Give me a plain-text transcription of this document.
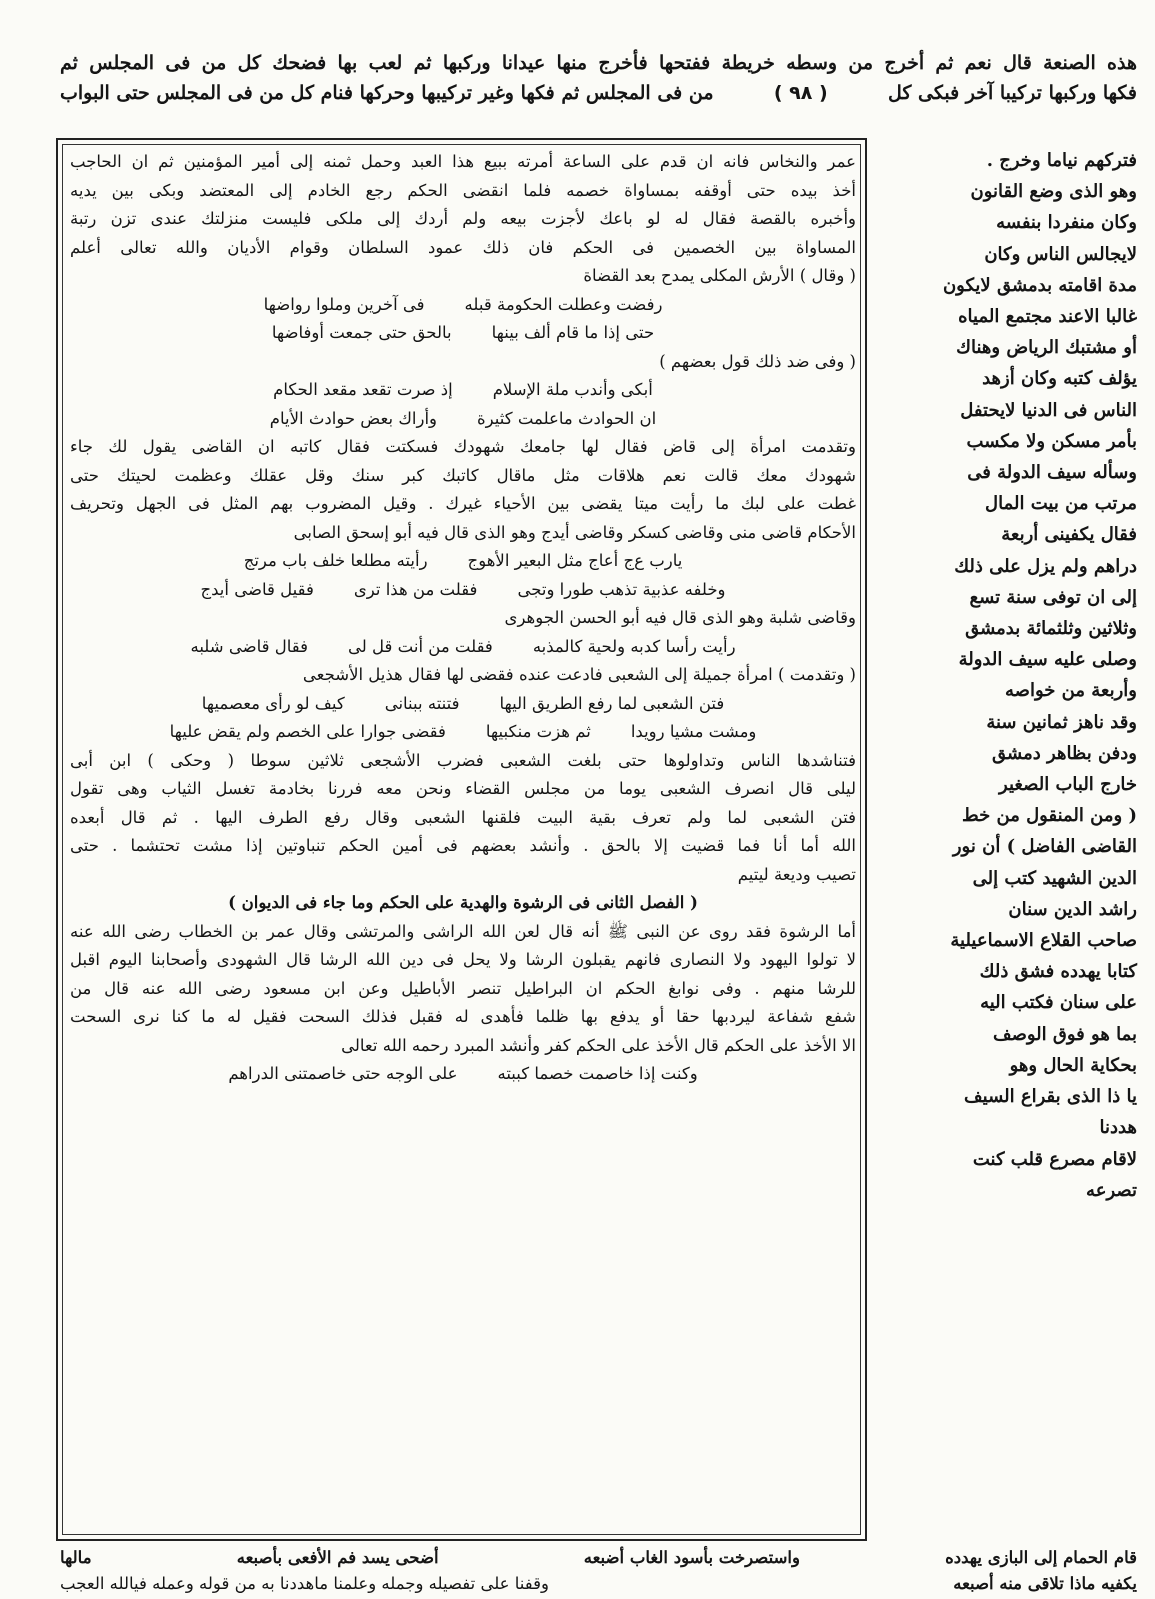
هذه الصنعة قال نعم ثم أخرج من وسطه خريطة ففتحها فأخرج منها عيدانا وركبها ثم لعب بها فضحك كل من فى المجلس ثم
فكها وركبها تركيبا آخر فبكى كل
( ٩٨ )
من فى المجلس ثم فكها وغير تركيبها وحركها فنام كل من فى المجلس حتى البواب
فتركهم نياما وخرج .
وهو الذى وضع القانون
وكان منفردا بنفسه
لايجالس الناس وكان
مدة اقامته بدمشق لايكون
غالبا الاعند مجتمع المياه
أو مشتبك الرياض وهناك
يؤلف كتبه وكان أزهد
الناس فى الدنيا لايحتفل
بأمر مسكن ولا مكسب
وسأله سيف الدولة فى
مرتب من بيت المال
فقال يكفينى أربعة
دراهم ولم يزل على ذلك
إلى ان توفى سنة تسع
وثلاثين وثلثمائة بدمشق
وصلى عليه سيف الدولة
وأربعة من خواصه
وقد ناهز ثمانين سنة
ودفن بظاهر دمشق
خارج الباب الصغير
( ومن المنقول من خط
القاضى الفاضل ) أن نور
الدين الشهيد كتب إلى
راشد الدين سنان
صاحب القلاع الاسماعيلية
كتابا يهدده فشق ذلك
على سنان فكتب اليه
بما هو فوق الوصف
بحكاية الحال وهو
يا ذا الذى بقراع السيف
هددنا
لاقام مصرع قلب كنت
تصرعه
عمر والنخاس فانه ان قدم على الساعة أمرته ببيع هذا العبد وحمل ثمنه إلى أمير المؤمنين ثم ان الحاجب
أخذ بيده حتى أوقفه بمساواة خصمه فلما انقضى الحكم رجع الخادم إلى المعتضد وبكى بين يديه
وأخبره بالقصة فقال له لو باعك لأجزت بيعه ولم أردك إلى ملكى فليست منزلتك عندى تزن رتبة
المساواة بين الخصمين فى الحكم فان ذلك عمود السلطان وقوام الأديان والله تعالى أعلم
( وقال ) الأرش المكلى يمدح بعد القضاة
رفضت وعطلت الحكومة قبله
فى آخرين وملوا رواضها
حتى إذا ما قام ألف بينها
بالحق حتى جمعت أوفاضها
( وفى ضد ذلك قول بعضهم )
أبكى وأندب ملة الإسلام
إذ صرت تقعد مقعد الحكام
ان الحوادث ماعلمت كثيرة
وأراك بعض حوادث الأيام
وتقدمت امرأة إلى قاض فقال لها جامعك شهودك فسكتت فقال كاتبه ان القاضى يقول لك جاء
شهودك معك قالت نعم هلاقات مثل ماقال كاتبك كبر سنك وقل عقلك وعظمت لحيتك حتى
غطت على لبك ما رأيت ميتا يقضى بين الأحياء غيرك . وقيل المضروب بهم المثل فى الجهل وتحريف
الأحكام قاضى منى وقاضى كسكر وقاضى أيدج وهو الذى قال فيه أبو إسحق الصابى
يارب ع‌ج أعاج مثل البعير الأهوج
رأيته مطلعا خلف باب مرتج
وخلفه عذبية تذهب طورا وتجى
فقلت من هذا ترى
فقيل قاضى أيدج
وقاضى شلبة وهو الذى قال فيه أبو الحسن الجوهرى
رأيت رأسا كدبه ولحية كالمذبه
فقلت من أنت قل لى
فقال قاضى شلبه
( وتقدمت ) امرأة جميلة إلى الشعبى فادعت عنده فقضى لها فقال هذيل الأشجعى
فتن الشعبى لما رفع الطريق اليها
فتنته ببنانى
كيف لو رأى معصميها
ومشت مشيا رويدا
ثم هزت منكبيها
فقضى جوارا على الخصم ولم يقض عليها
فتناشدها الناس وتداولوها حتى بلغت الشعبى فضرب الأشجعى ثلاثين سوطا ( وحكى ) ابن أبى
ليلى قال انصرف الشعبى يوما من مجلس القضاء ونحن معه فررنا بخادمة تغسل الثياب وهى تقول
فتن الشعبى لما ولم تعرف بقية البيت فلقنها الشعبى وقال رفع الطرف اليها . ثم قال أبعده
الله أما أنا فما قضيت إلا بالحق . وأنشد بعضهم فى أمين الحكم تنباوتين إذا مشت تحتشما . حتى
تصيب وديعة ليتيم
( الفصل الثانى فى الرشوة والهدية على الحكم وما جاء فى الديوان )
أما الرشوة فقد روى عن النبى ﷺ أنه قال لعن الله الراشى والمرتشى وقال عمر بن الخطاب رضى الله عنه
لا تولوا اليهود ولا النصارى فانهم يقبلون الرشا ولا يحل فى دين الله الرشا قال الشهودى وأصحابنا اليوم اقبل
للرشا منهم . وفى نوابغ الحكم ان البراطيل تنصر الأباطيل وعن ابن مسعود رضى الله عنه قال من
شفع شفاعة ليردبها حقا أو يدفع بها ظلما فأهدى له فقبل فذلك السحت فقيل له ما كنا نرى السحت
الا الأخذ على الحكم قال الأخذ على الحكم كفر وأنشد المبرد رحمه الله تعالى
وكنت إذا خاصمت خصما كببته
على الوجه حتى خاصمتنى الدراهم
قام الحمام إلى البازى يهدده
واستصرخت بأسود الغاب أضبعه
أضحى يسد فم الأفعى بأصبعه
مالها
يكفيه ماذا تلاقى منه أصبعه
وقفنا على تفصيله وجمله وعلمنا ماهددنا به من قوله وعمله فيالله العجب
